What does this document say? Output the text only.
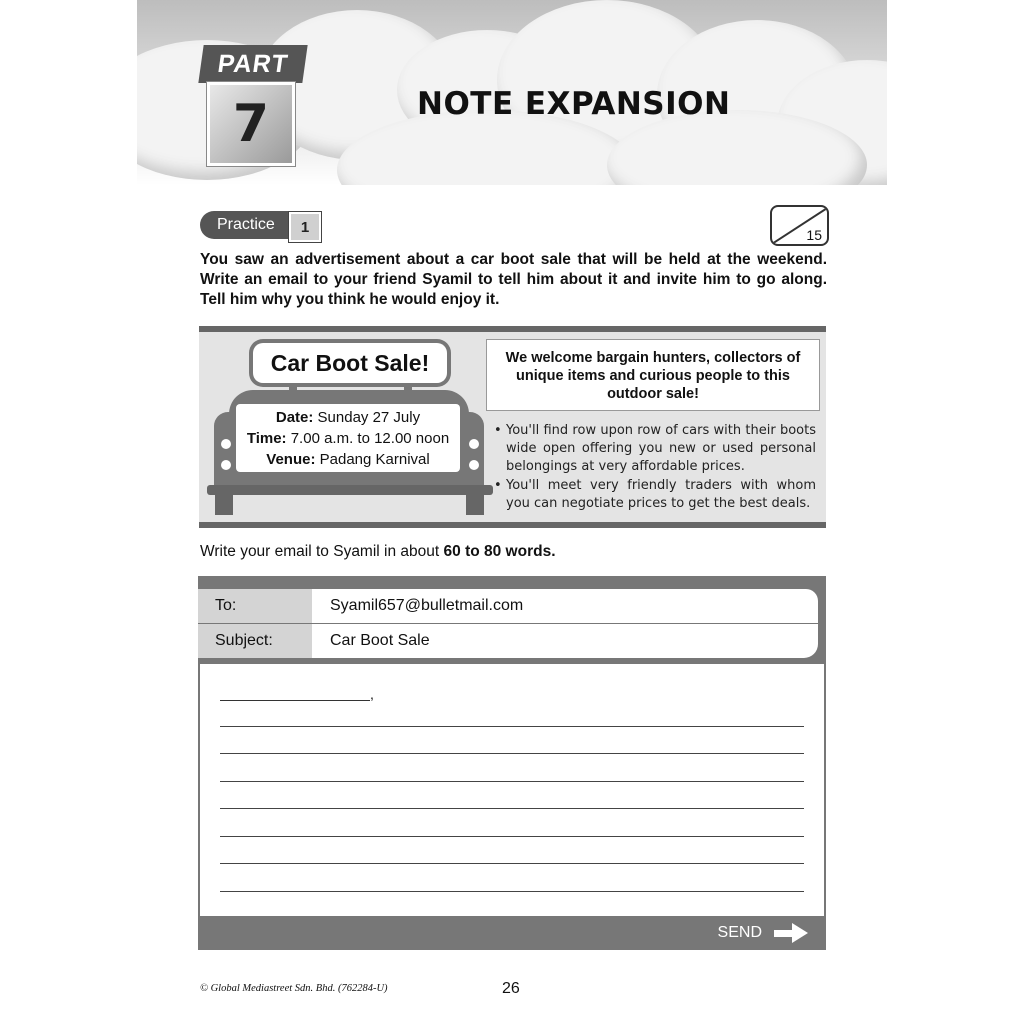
PART
7	NOTE EXPANSION
Practice	1	15
You saw an advertisement about a car boot sale that will be held at the weekend. Write an email to your friend Syamil to tell him about it and invite him to go along. Tell him why you think he would enjoy it.
Car Boot Sale!
Date: Sunday 27 July
Time: 7.00 a.m. to 12.00 noon
Venue: Padang Karnival
We welcome bargain hunters, collectors of unique items and curious people to this outdoor sale!
• You'll find row upon row of cars with their boots wide open offering you new or used personal belongings at very affordable prices.
• You'll meet very friendly traders with whom you can negotiate prices to get the best deals.
Write your email to Syamil in about 60 to 80 words.
To:	Syamil657@bulletmail.com
Subject:	Car Boot Sale
,
SEND
© Global Mediastreet Sdn. Bhd. (762284-U)	26
